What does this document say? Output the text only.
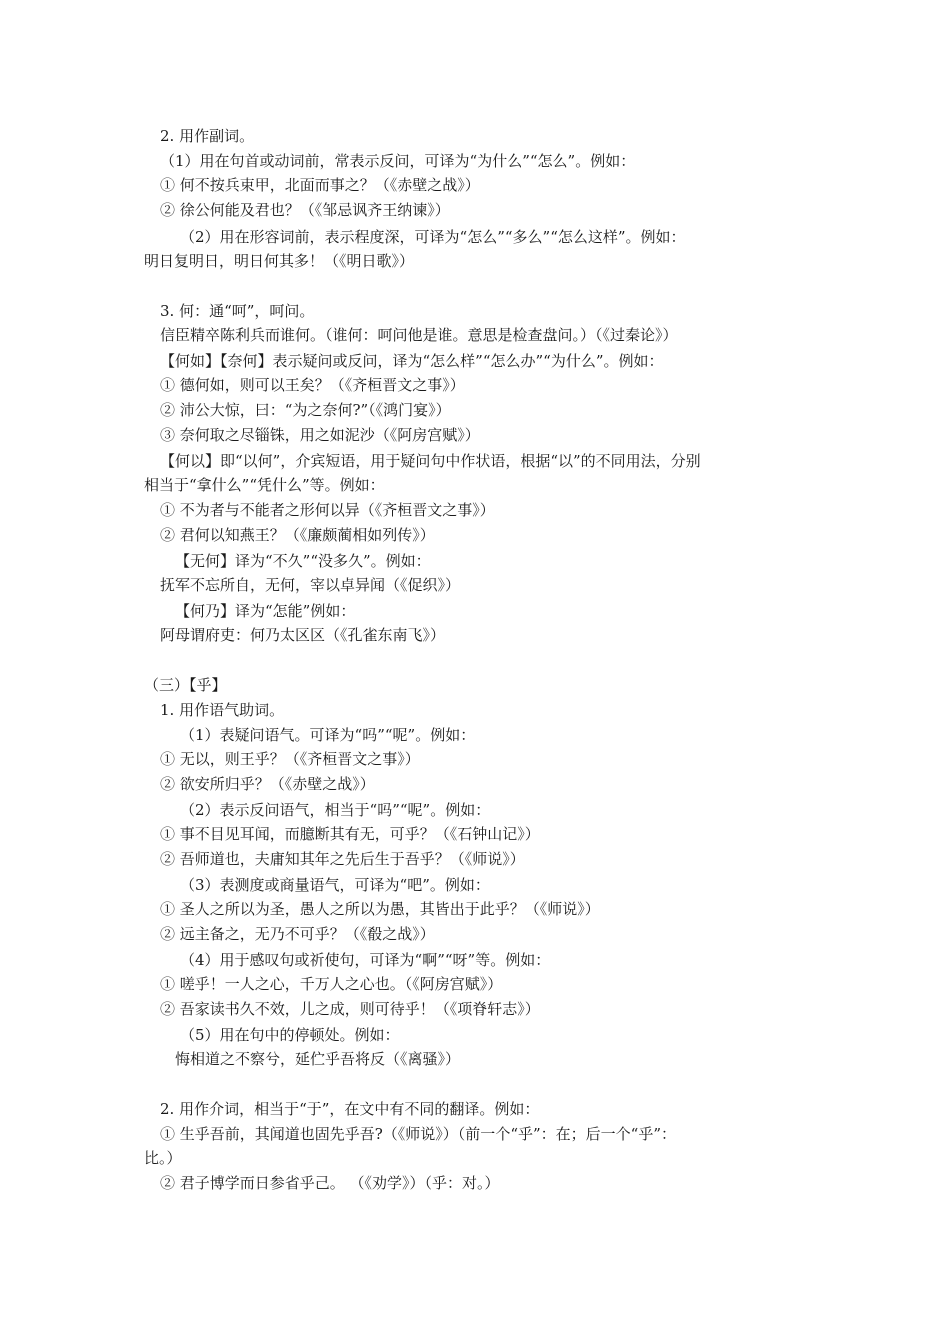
2. 用作副词。
（1）用在句首或动词前，常表示反问，可译为“为什么”“怎么”。例如：
① 何不按兵束甲，北面而事之？（《赤壁之战》）
② 徐公何能及君也？（《邹忌讽齐王纳谏》）
（2）用在形容词前，表示程度深，可译为“怎么”“多么”“怎么这样”。例如：
明日复明日，明日何其多！（《明日歌》）
3. 何：通“呵”，呵问。
信臣精卒陈利兵而谁何。（谁何：呵问他是谁。意思是检查盘问。）（《过秦论》）
【何如】【奈何】表示疑问或反问，译为“怎么样”“怎么办”“为什么”。例如：
① 德何如，则可以王矣？（《齐桓晋文之事》）
② 沛公大惊，曰：“为之奈何?”（《鸿门宴》）
③ 奈何取之尽锱铢，用之如泥沙（《阿房宫赋》）
【何以】即“以何”，介宾短语，用于疑问句中作状语，根据“以”的不同用法，分别
相当于“拿什么”“凭什么”等。例如：
① 不为者与不能者之形何以异（《齐桓晋文之事》）
② 君何以知燕王？（《廉颇蔺相如列传》）
【无何】译为“不久”“没多久”。例如：
抚军不忘所自，无何，宰以卓异闻（《促织》）
【何乃】译为“怎能”例如：
阿母谓府吏：何乃太区区（《孔雀东南飞》）
（三）【乎】
1. 用作语气助词。
（1）表疑问语气。可译为“吗”“呢”。例如：
① 无以，则王乎？（《齐桓晋文之事》）
② 欲安所归乎？（《赤壁之战》）
（2）表示反问语气，相当于“吗”“呢”。例如：
① 事不目见耳闻，而臆断其有无，可乎？（《石钟山记》）
② 吾师道也，夫庸知其年之先后生于吾乎？（《师说》）
（3）表测度或商量语气，可译为“吧”。例如：
① 圣人之所以为圣，愚人之所以为愚，其皆出于此乎？（《师说》）
② 远主备之，无乃不可乎？（《殽之战》）
（4）用于感叹句或祈使句，可译为“啊”“呀”等。例如：
① 嗟乎！一人之心，千万人之心也。（《阿房宫赋》）
② 吾家读书久不效，儿之成，则可待乎！（《项脊轩志》）
（5）用在句中的停顿处。例如：
悔相道之不察兮，延伫乎吾将反（《离骚》）
2. 用作介词，相当于“于”，在文中有不同的翻译。例如：
① 生乎吾前，其闻道也固先乎吾?（《师说》）（前一个“乎”：在；后一个“乎”：
比。）
② 君子博学而日参省乎己。 （《劝学》）（乎：对。）
